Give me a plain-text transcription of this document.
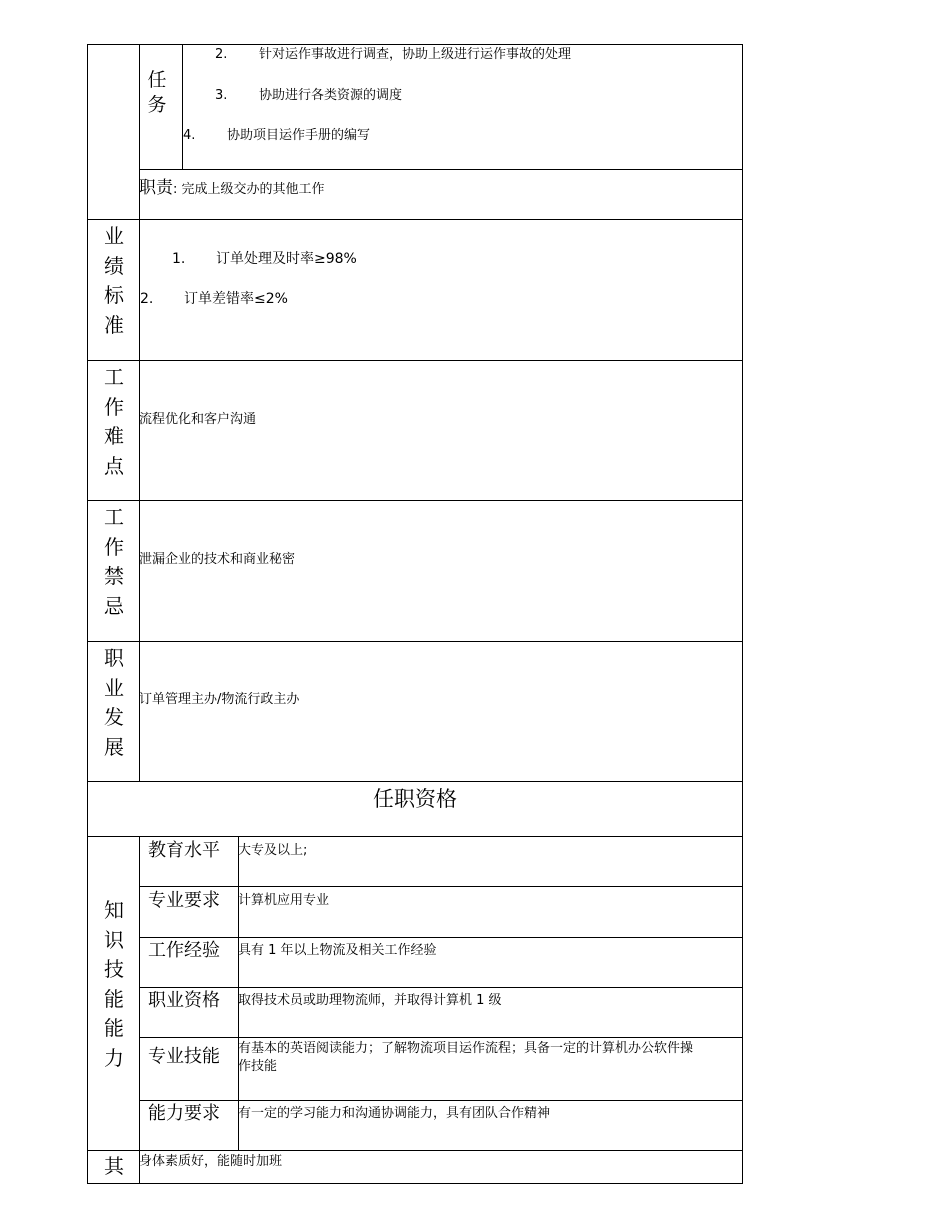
任
务
2. 针对运作事故进行调查，协助上级进行运作事故的处理
3. 协助进行各类资源的调度
4. 协助项目运作手册的编写
职责: 完成上级交办的其他工作
业
绩
标
准
1. 订单处理及时率≥98%
2. 订单差错率≤2%
工
作
难
点
流程优化和客户沟通
工
作
禁
忌
泄漏企业的技术和商业秘密
职
业
发
展
订单管理主办/物流行政主办
任职资格
知
识
技
能
能
力
教育水平 大专及以上;
专业要求 计算机应用专业
工作经验 具有 1 年以上物流及相关工作经验
职业资格 取得技术员或助理物流师，并取得计算机 1 级
专业技能 有基本的英语阅读能力；了解物流项目运作流程；具备一定的计算机办公软件操
作技能
能力要求 有一定的学习能力和沟通协调能力，具有团队合作精神
其 身体素质好，能随时加班
